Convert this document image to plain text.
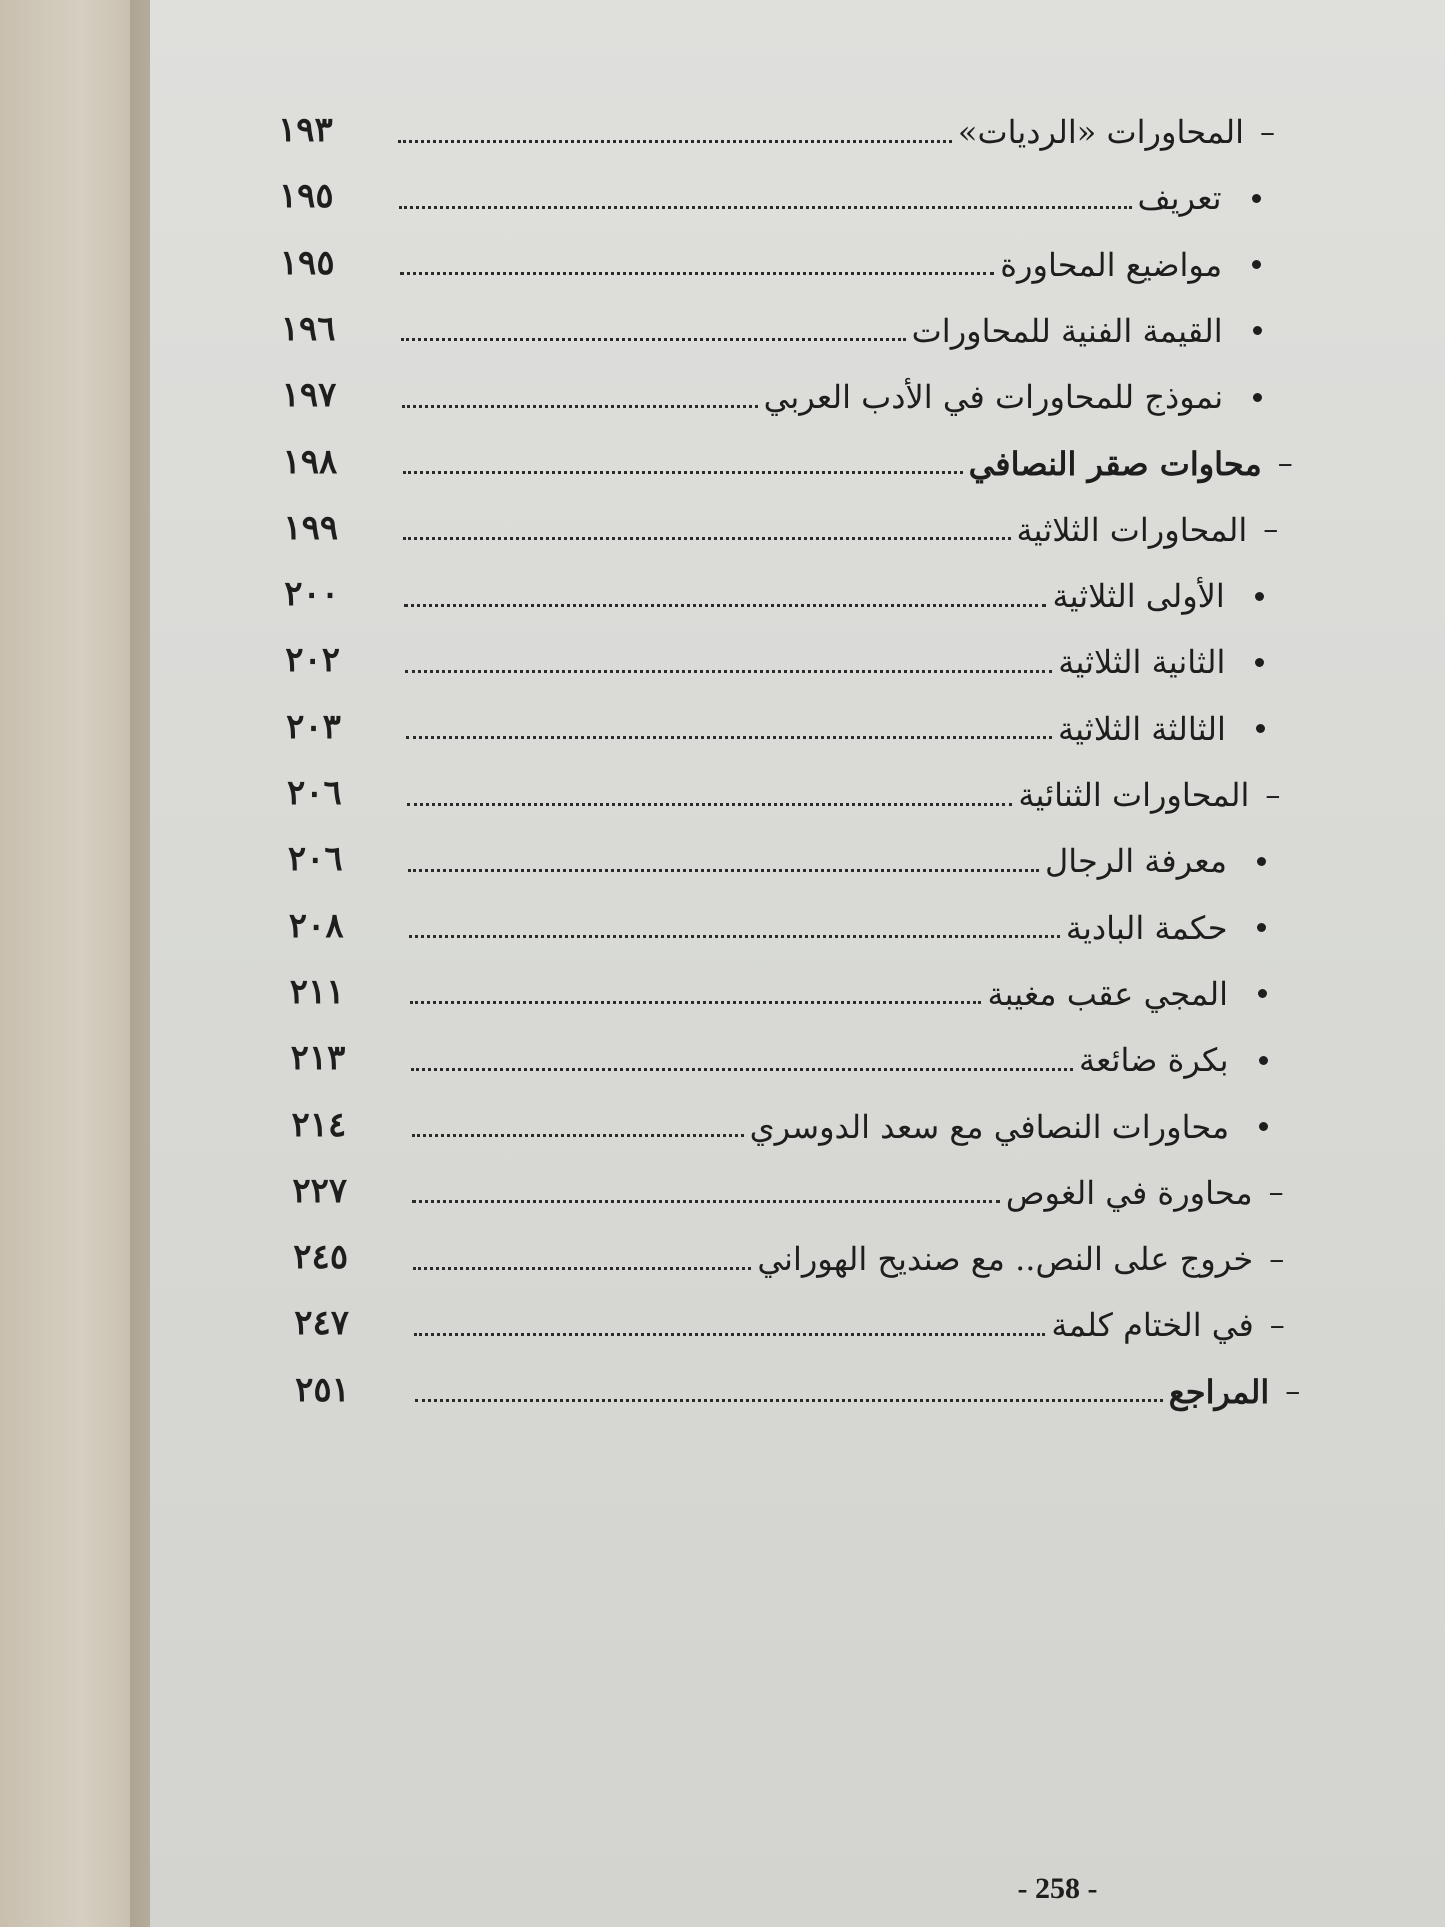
–
المحاورات «الرديات»
١٩٣
تعريف
١٩٥
مواضيع المحاورة
١٩٥
القيمة الفنية للمحاورات
١٩٦
نموذج للمحاورات في الأدب العربي
١٩٧
–
محاوات صقر النصافي
١٩٨
–
المحاورات الثلاثية
١٩٩
الأولى الثلاثية
٢٠٠
الثانية الثلاثية
٢٠٢
الثالثة الثلاثية
٢٠٣
–
المحاورات الثنائية
٢٠٦
معرفة الرجال
٢٠٦
حكمة البادية
٢٠٨
المجي عقب مغيبة
٢١١
بكرة ضائعة
٢١٣
محاورات النصافي مع سعد الدوسري
٢١٤
–
محاورة في الغوص
٢٢٧
–
خروج على النص.. مع صنديح الهوراني
٢٤٥
–
في الختام كلمة
٢٤٧
–
المراجع
٢٥١
- 258 -
